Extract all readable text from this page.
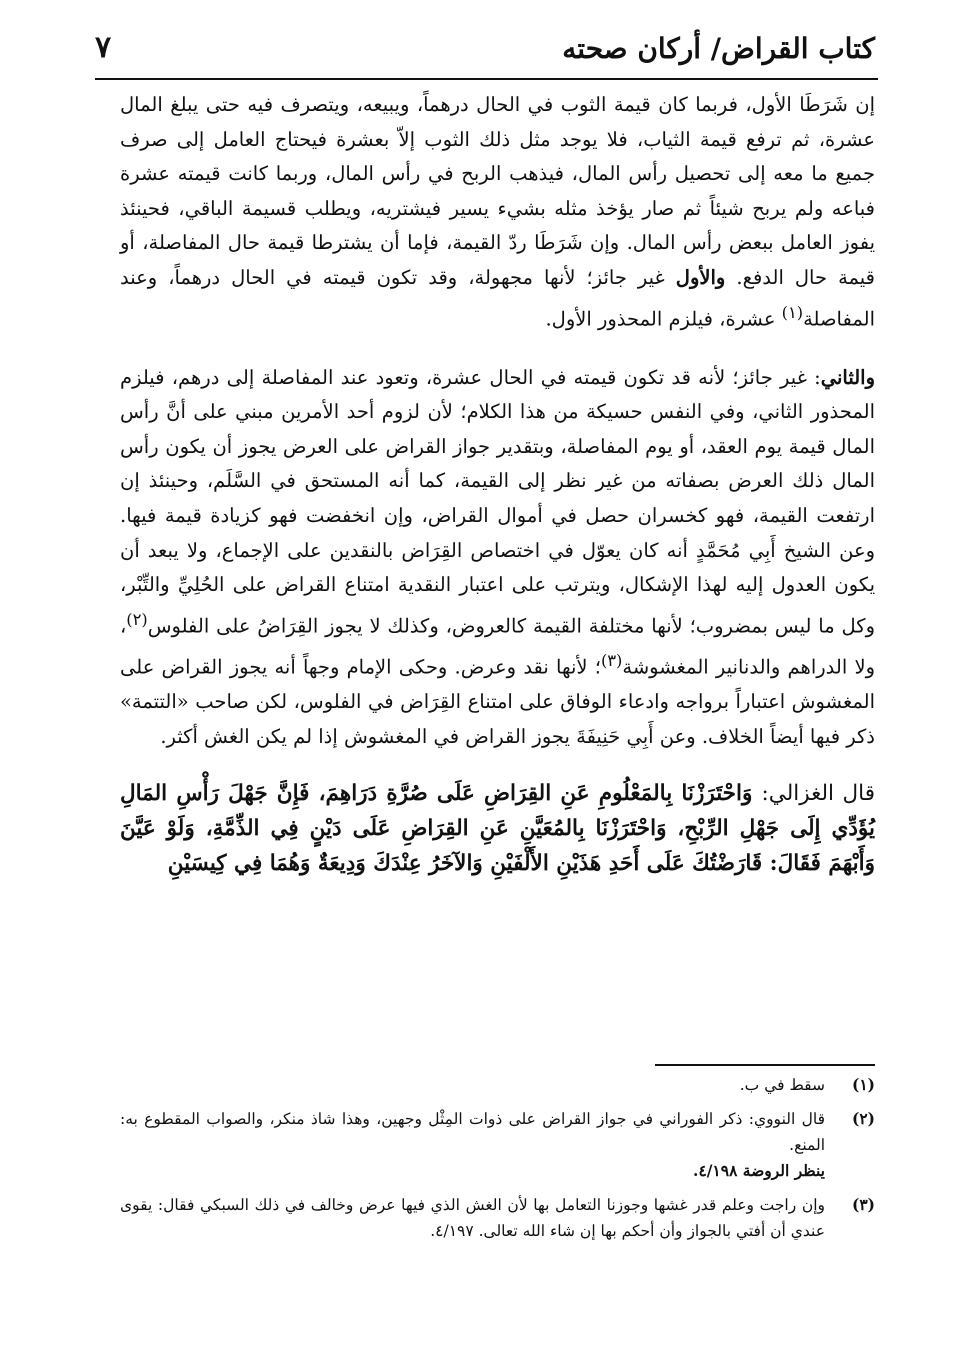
كتاب القراض/ أركان صحته
٧

إن شَرَطَا الأول، فربما كان قيمة الثوب في الحال درهماً، ويبيعه، ويتصرف فيه حتى يبلغ المال عشرة، ثم ترفع قيمة الثياب، فلا يوجد مثل ذلك الثوب إلاّ بعشرة فيحتاج العامل إلى صرف جميع ما معه إلى تحصيل رأس المال، فيذهب الربح في رأس المال، وربما كانت قيمته عشرة فباعه ولم يربح شيئاً ثم صار يؤخذ مثله بشيء يسير فيشتريه، ويطلب قسيمة الباقي، فحينئذ يفوز العامل ببعض رأس المال. وإن شَرَطَا ردّ القيمة، فإما أن يشترطا قيمة حال المفاصلة، أو قيمة حال الدفع. والأول غير جائز؛ لأنها مجهولة، وقد تكون قيمته في الحال درهماً، وعند المفاصلة$^{(١)}$ عشرة، فيلزم المحذور الأول.

والثاني: غير جائز؛ لأنه قد تكون قيمته في الحال عشرة، وتعود عند المفاصلة إلى درهم، فيلزم المحذور الثاني، وفي النفس حسيكة من هذا الكلام؛ لأن لزوم أحد الأمرين مبني على أنَّ رأس المال قيمة يوم العقد، أو يوم المفاصلة، وبتقدير جواز القراض على العرض يجوز أن يكون رأس المال ذلك العرض بصفاته من غير نظر إلى القيمة، كما أنه المستحق في السَّلَم، وحينئذ إن ارتفعت القيمة، فهو كخسران حصل في أموال القراض، وإن انخفضت فهو كزيادة قيمة فيها. وعن الشيخ أَبِي مُحَمَّدٍ أنه كان يعوّل في اختصاص القِرَاض بالنقدين على الإجماع، ولا يبعد أن يكون العدول إليه لهذا الإشكال، ويترتب على اعتبار النقدية امتناع القراض على الحُلِيِّ والتِّبْر، وكل ما ليس بمضروب؛ لأنها مختلفة القيمة كالعروض، وكذلك لا يجوز القِرَاضُ على الفلوس$^{(٢)}$، ولا الدراهم والدنانير المغشوشة$^{(٣)}$؛ لأنها نقد وعرض. وحكى الإمام وجهاً أنه يجوز القراض على المغشوش اعتباراً برواجه وادعاء الوفاق على امتناع القِرَاض في الفلوس، لكن صاحب «التتمة» ذكر فيها أيضاً الخلاف. وعن أَبِي حَنِيفَةَ يجوز القراض في المغشوش إذا لم يكن الغش أكثر.

قال الغزالي: وَاحْتَرَزْنَا بِالمَعْلُومِ عَنِ القِرَاضِ عَلَى صُرَّةِ دَرَاهِمَ، فَإِنَّ جَهْلَ رَأْسِ المَالِ يُؤَدِّي إِلَى جَهْلِ الرِّبْحِ، وَاحْتَرَزْنَا بِالمُعَيَّنِ عَنِ القِرَاضِ عَلَى دَيْنٍ فِي الذِّمَّةِ، وَلَوْ عَيَّنَ وَأَبْهَمَ فَقَالَ: قَارَضْتُكَ عَلَى أَحَدِ هَذَيْنِ الأَلْفَيْنِ وَالآخَرُ عِنْدَكَ وَدِيعَةٌ وَهُمَا فِي كِيسَيْنِ

(١)
سقط في ب.

(٢)
قال النووي: ذكر الفوراني في جواز القراض على ذوات المِثْل وجهين، وهذا شاذ منكر، والصواب المقطوع به: المنع.
ينظر الروضة ٤/١٩٨.

(٣)
وإن راجت وعلم قدر غشها وجوزنا التعامل بها لأن الغش الذي فيها عرض وخالف في ذلك السبكي فقال: يقوى عندي أن أفتي بالجواز وأن أحكم بها إن شاء الله تعالى. ٤/١٩٧.
